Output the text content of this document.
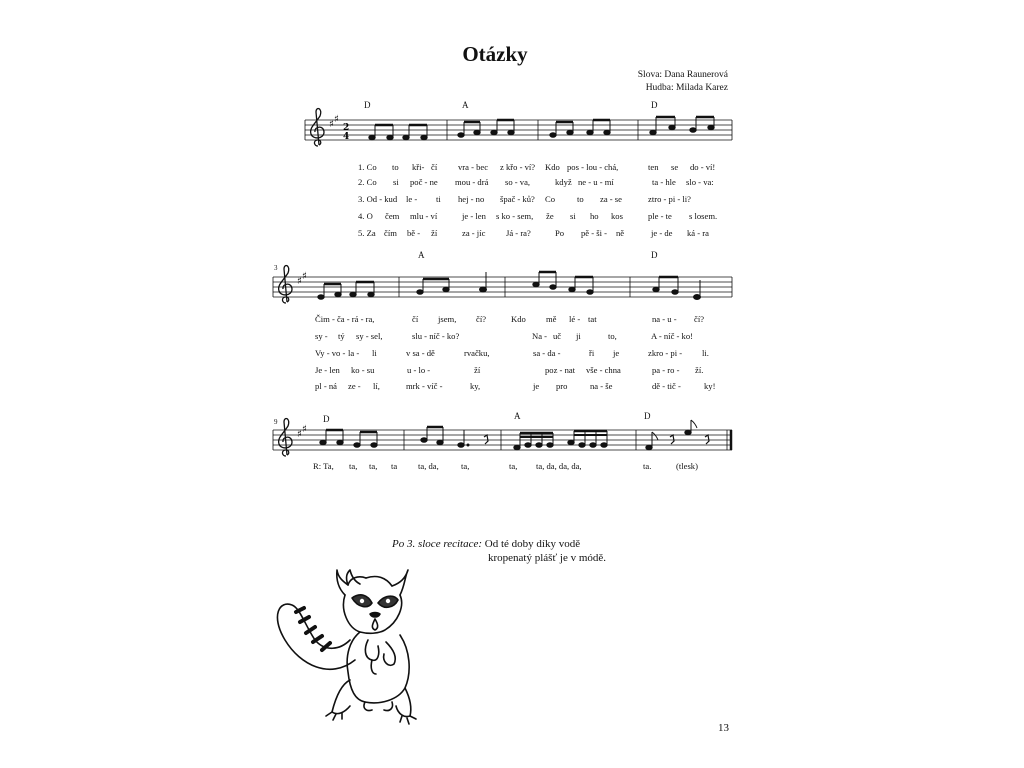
Otázky
Slova: Dana Raunerová
Hudba: Milada Karez
D	A	D
♯ ♯
2
4
♯ ♯
♯ ♯
1. Co to kři- čí vra - bec z křo - ví? Kdo pos - lou - chá,	ten se do - ví!
2. Co si poč - ne mou - drá so - va,	když ne - u - mí	ta - hle slo - va:
3. Od - kud le - ti hej - no špač - ků? Co	to za - se	ztro - pi - li?
4. O čem mlu - ví	je - len s ko - sem, že si ho kos	ple - te s losem.
5. Za čím bě - ží	za - jíc Já - ra?	Po pě - ši - ně	je - de ká - ra
3
A	D
Čim - ča - rá - ra,	čí jsem, čí?	Kdo mě lé - tat	na - u - čí?
sy - tý sy - sel,	slu - níč - ko?	Na - uč ji	to,	A - níč - ko!
Vy - vo - la - li	v sa - dě	rvačku,	sa - da -	ři je	zkro - pi - li.
Je - len ko - su	u - lo -	ží	poz - nat vše - chna	pa - ro - ží.
pl - ná ze - lí,	mrk - víč -	ky,	je pro	na - še	dě - tič -	ky!
9	D	A	D
R: Ta, ta, ta, ta ta, da,	ta,	ta, ta, da, da, da,	ta.	(tlesk)
Po 3. sloce recitace: Od té doby díky vodě
kropenatý plášť je v módě.
13
